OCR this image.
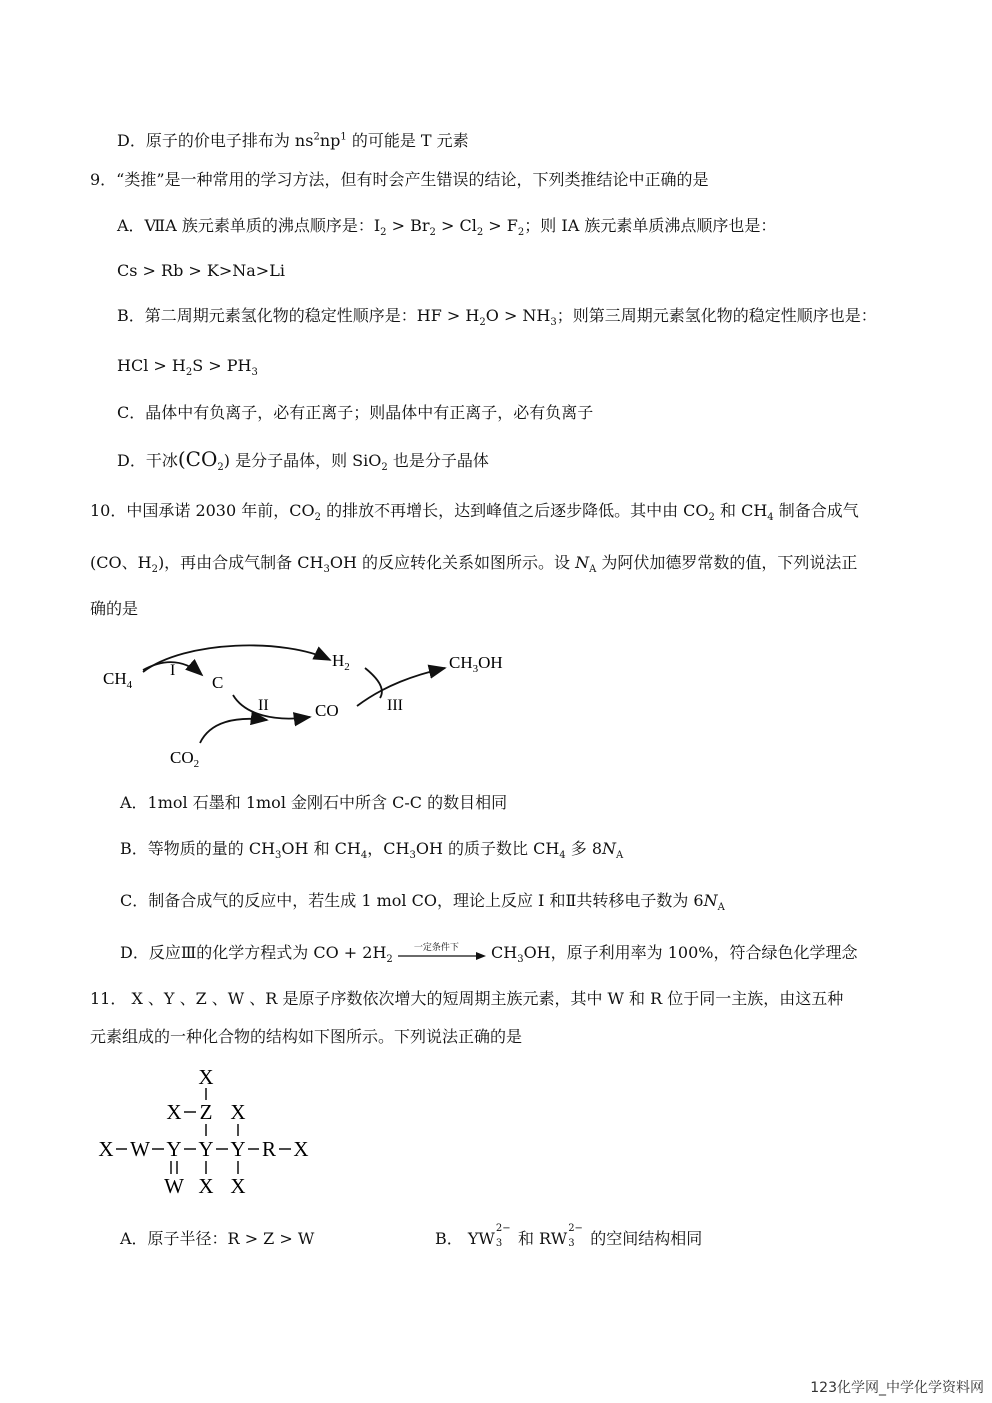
D．原子的价电子排布为 $ns^2np^1$ 的可能是 T 元素
9．“类推”是一种常用的学习方法，但有时会产生错误的结论，下列类推结论中正确的是
A．ⅦA 族元素单质的沸点顺序是：$I_2 > Br_2 > Cl_2 > F_2$；则 IA 族元素单质沸点顺序也是：
Cs > Rb > K>Na>Li
B．第二周期元素氢化物的稳定性顺序是：HF > $H_2O > NH_3$；则第三周期元素氢化物的稳定性顺序也是：
HCl > $H_2S > PH_3$
C．晶体中有负离子，必有正离子；则晶体中有正离子，必有负离子
D．干冰$(CO_2)$ 是分子晶体，则 SiO$_2$ 也是分子晶体
10．中国承诺 2030 年前，$CO_2$ 的排放不再增长，达到峰值之后逐步降低。其中由 $CO_2$ 和 $CH_4$ 制备合成气
(CO、$H_2$)，再由合成气制备 $CH_3OH$ 的反应转化关系如图所示。设 $N_A$ 为阿伏加德罗常数的值，下列说法正
确的是
$CH_4$
I
C
$H_2$
II	CO	III
$CH_3OH$
$CO_2$
A．1mol 石墨和 1mol 金刚石中所含 C-C 的数目相同
B．等物质的量的 $CH_3OH$ 和 $CH_4$，$CH_3OH$ 的质子数比 $CH_4$ 多 $8N_A$
C．制备合成气的反应中，若生成 1 mol CO，理论上反应 I 和Ⅱ共转移电子数为 $6N_A$
D．反应Ⅲ的化学方程式为 CO + $2H_2$
一定条件下 $CH_3OH$，原子利用率为 100%，符合绿色化学理念
11． X 、Y 、Z 、W 、R 是原子序数依次增大的短周期主族元素，其中 W 和 R 位于同一主族，由这五种
元素组成的一种化合物的结构如下图所示。下列说法正确的是
X
X Z X
X W Y Y Y R X
W X X
A．原子半径：R > Z > W	B． YW
2−
3 和 RW
2−
3 的空间结构相同
123化学网_中学化学资料网
